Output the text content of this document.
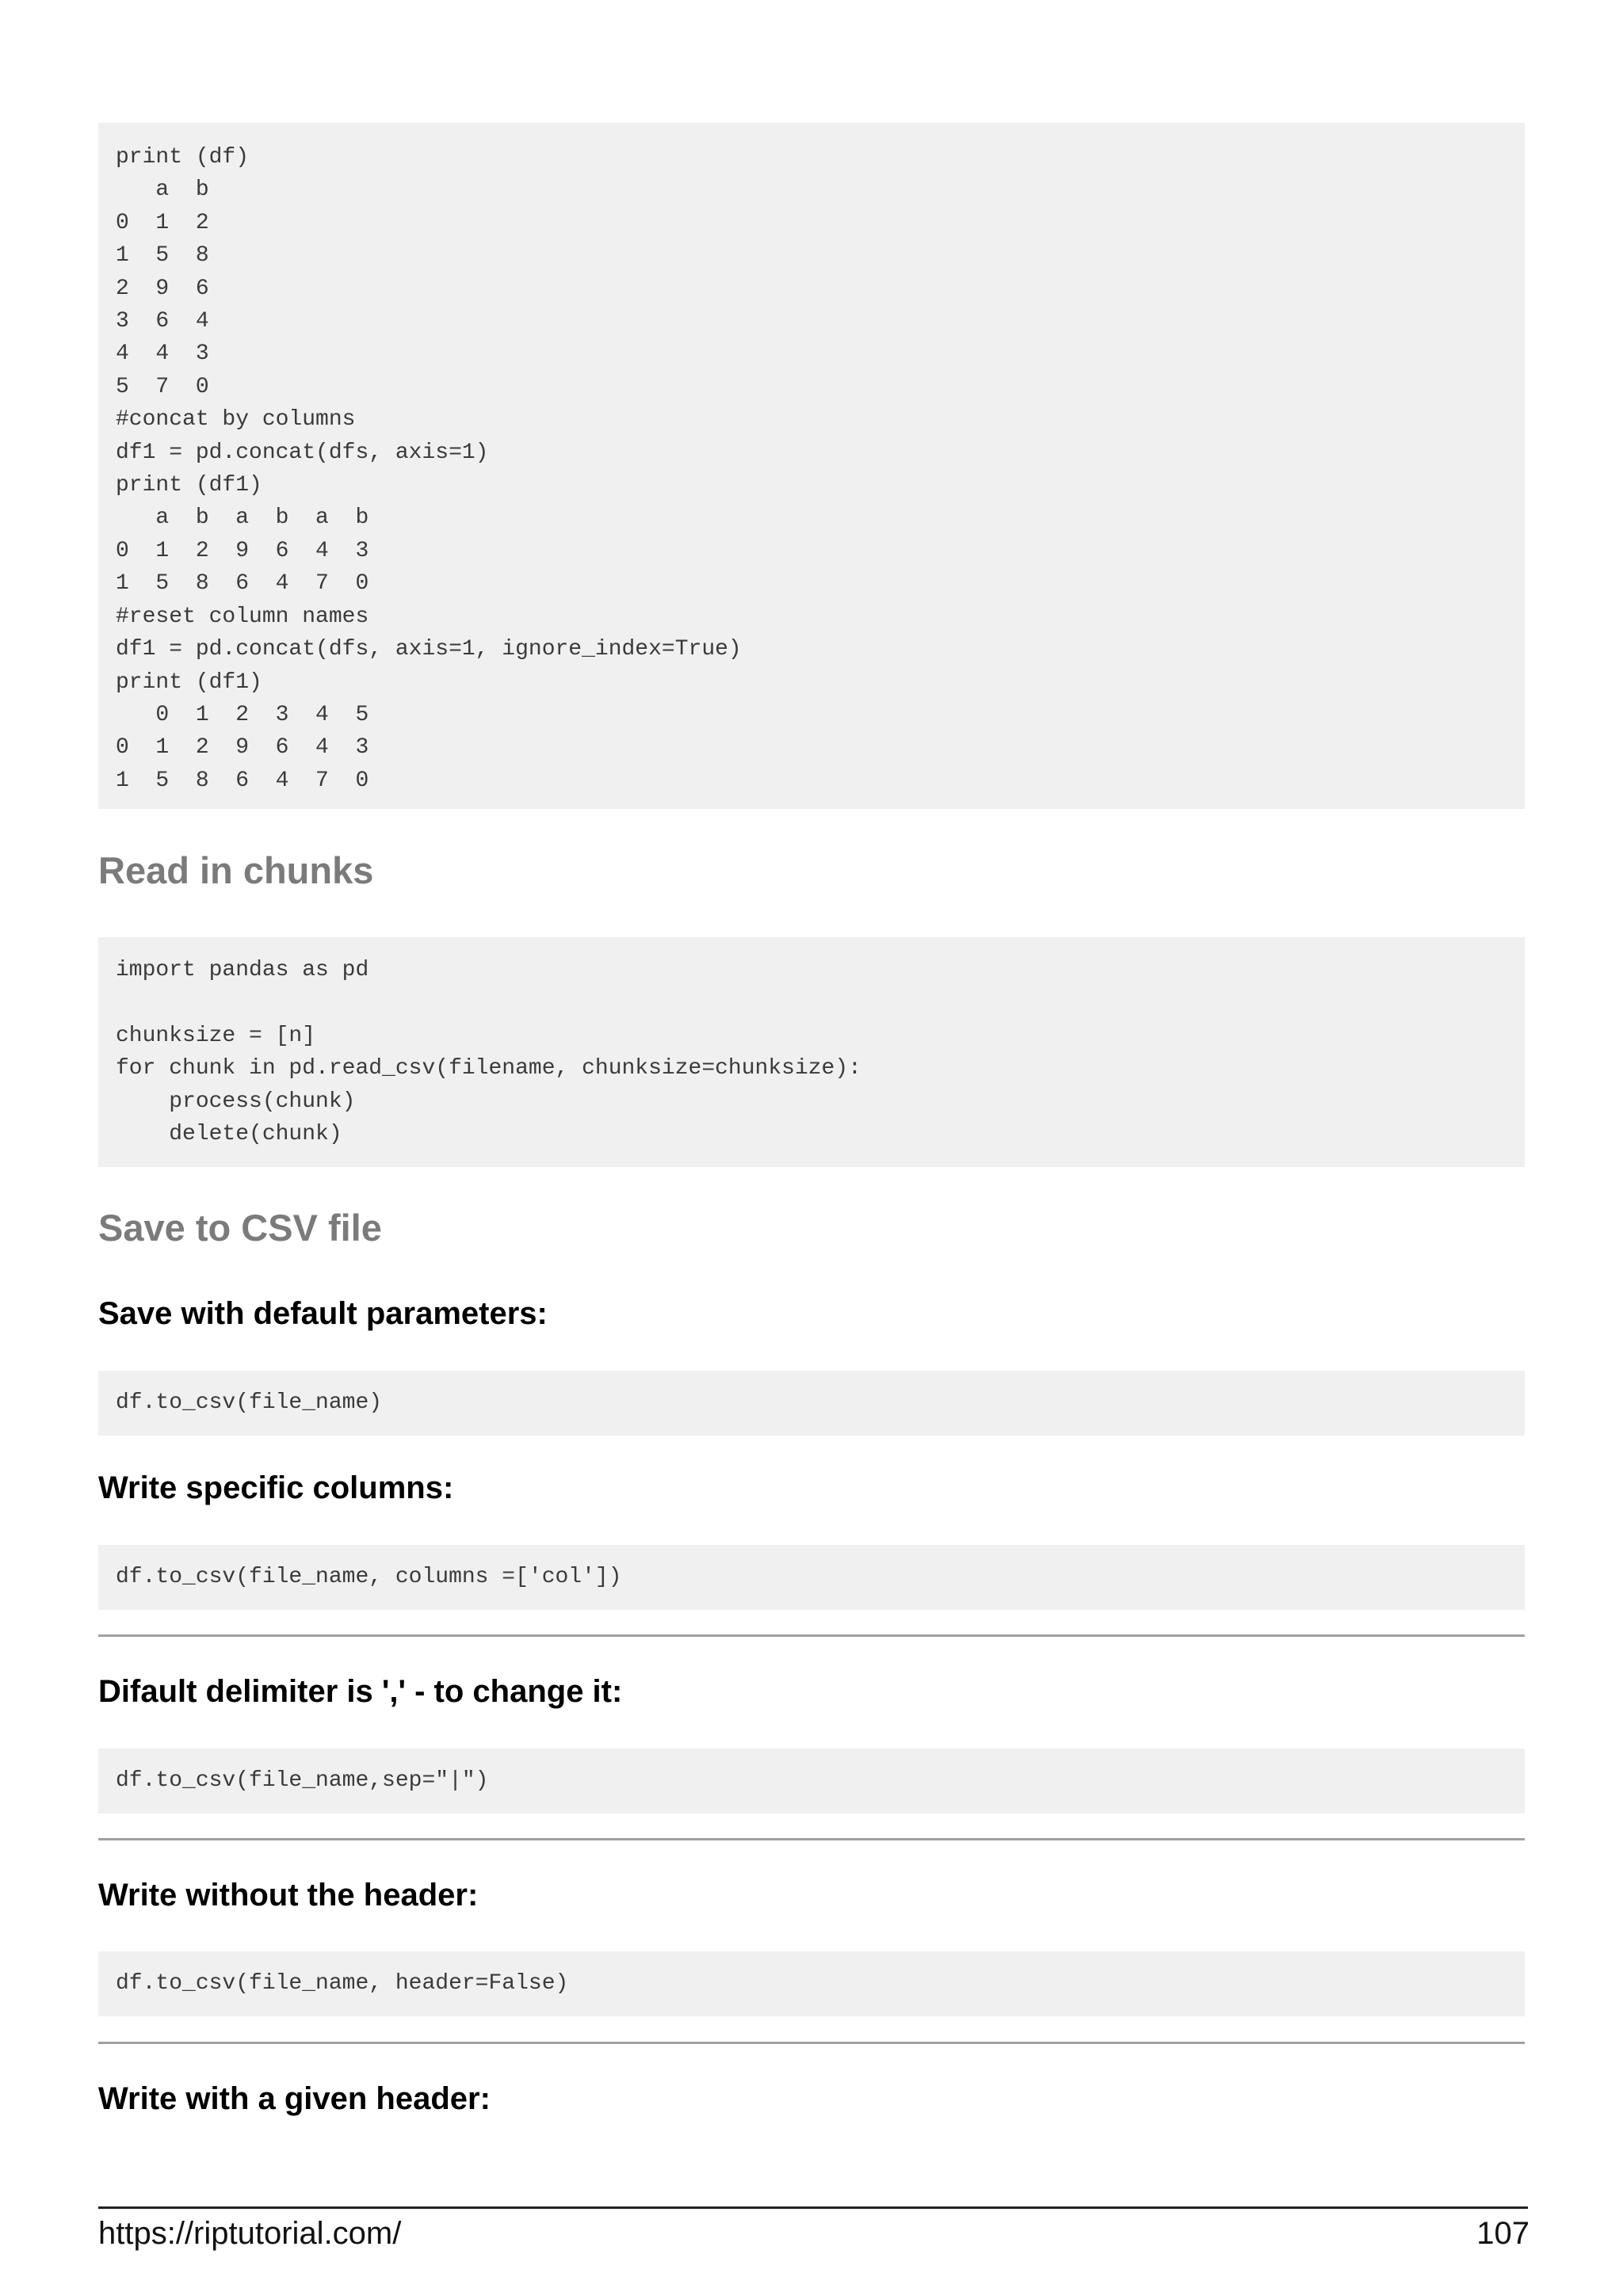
print (df)
a  b
0  1  2
1  5  8
2  9  6
3  6  4
4  4  3
5  7  0
#concat by columns
df1 = pd.concat(dfs, axis=1)
print (df1)
a  b  a  b  a  b
0  1  2  9  6  4  3
1  5  8  6  4  7  0
#reset column names
df1 = pd.concat(dfs, axis=1, ignore_index=True)
print (df1)
0  1  2  3  4  5
0  1  2  9  6  4  3
1  5  8  6  4  7  0
Read in chunks
import pandas as pd

chunksize = [n]
for chunk in pd.read_csv(filename, chunksize=chunksize):
process(chunk)
delete(chunk)
Save to CSV file
Save with default parameters:
df.to_csv(file_name)
Write specific columns:
df.to_csv(file_name, columns =['col'])
Difault delimiter is ',' - to change it:
df.to_csv(file_name,sep="|")
Write without the header:
df.to_csv(file_name, header=False)
Write with a given header:
https://riptutorial.com/	107
